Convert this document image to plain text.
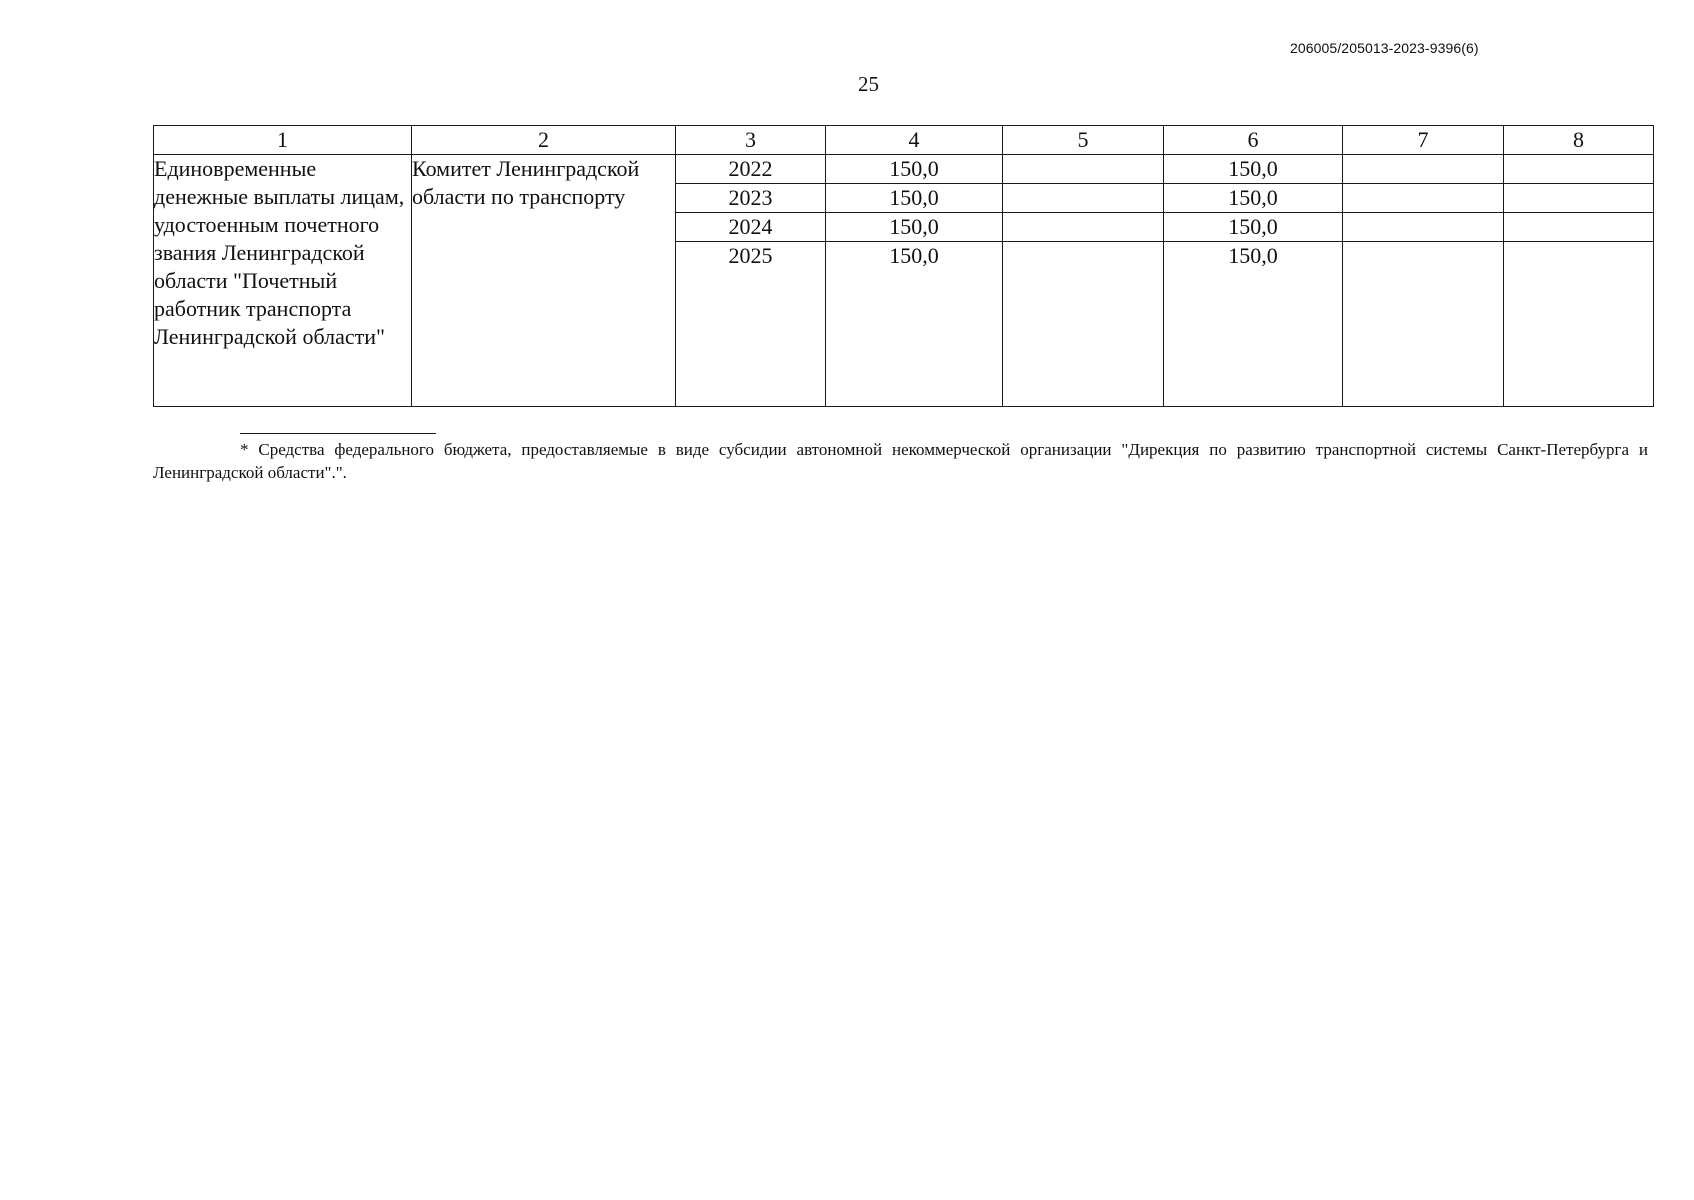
206005/205013-2023-9396(6)
25
1	2	3	4	5	6	7	8
Единовременные денежные выплаты лицам, удостоенным почетного звания Ленинградской области "Почетный работник транспорта Ленинградской области"	Комитет Ленинградской области по транспорту	2022	150,0		150,0		
		2023	150,0		150,0		
		2024	150,0		150,0		
		2025	150,0		150,0		
* Средства федерального бюджета, предоставляемые в виде субсидии автономной некоммерческой организации "Дирекция по развитию транспортной системы Санкт-Петербурга и Ленинградской области".".
